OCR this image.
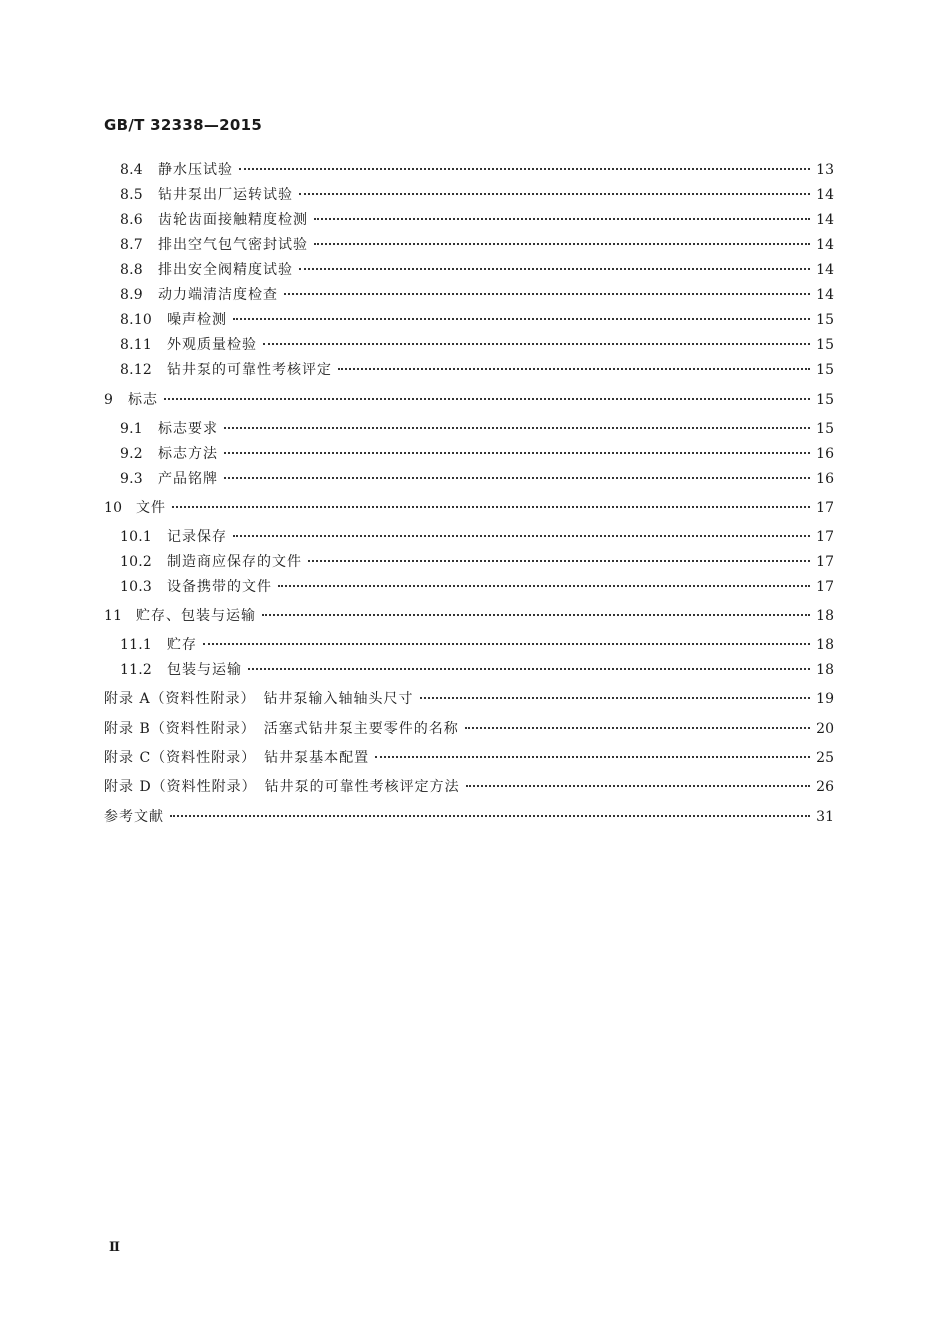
GB/T 32338—2015
8.4	静水压试验	13
8.5	钻井泵出厂运转试验	14
8.6	齿轮齿面接触精度检测	14
8.7	排出空气包气密封试验	14
8.8	排出安全阀精度试验	14
8.9	动力端清洁度检查	14
8.10	噪声检测	15
8.11	外观质量检验	15
8.12	钻井泵的可靠性考核评定	15
9	标志	15
9.1	标志要求	15
9.2	标志方法	16
9.3	产品铭牌	16
10 文件	17
10.1	记录保存	17
10.2	制造商应保存的文件	17
10.3	设备携带的文件	17
11 贮存、包装与运输	18
11.1	贮存	18
11.2	包装与运输	18
附录 A（资料性附录）　钻井泵输入轴轴头尺寸	19
附录 B（资料性附录）　活塞式钻井泵主要零件的名称	20
附录 C（资料性附录）　钻井泵基本配置	25
附录 D（资料性附录）　钻井泵的可靠性考核评定方法	26
参考文献	31
Ⅱ
